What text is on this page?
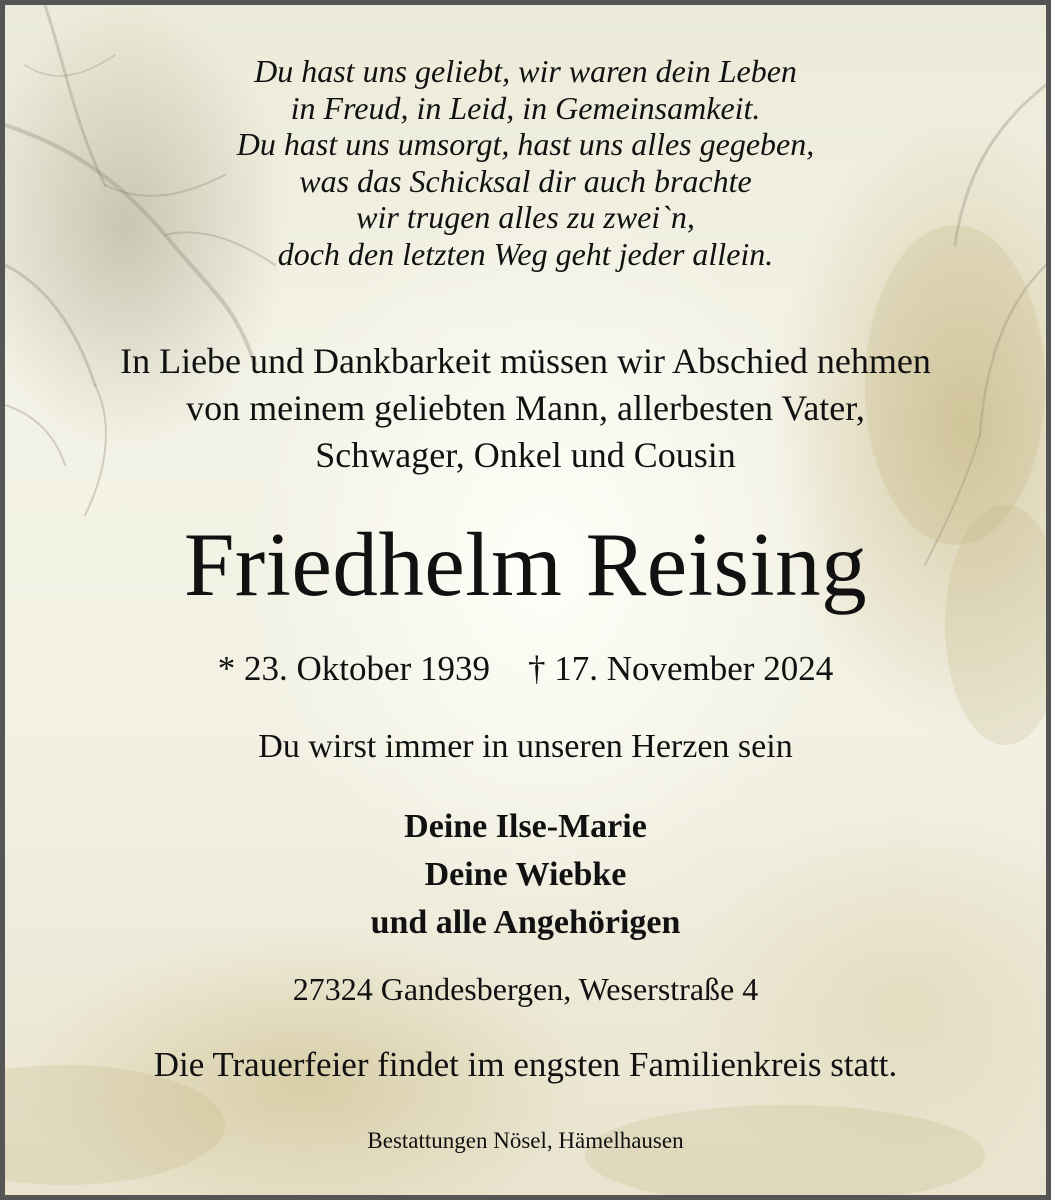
Du hast uns geliebt, wir waren dein Leben
in Freud, in Leid, in Gemeinsamkeit.
Du hast uns umsorgt, hast uns alles gegeben,
was das Schicksal dir auch brachte
wir trugen alles zu zwei`n,
doch den letzten Weg geht jeder allein.
In Liebe und Dankbarkeit müssen wir Abschied nehmen
von meinem geliebten Mann, allerbesten Vater,
Schwager, Onkel und Cousin
Friedhelm Reising
* 23. Oktober 1939 † 17. November 2024
Du wirst immer in unseren Herzen sein
Deine Ilse-Marie
Deine Wiebke
und alle Angehörigen
27324 Gandesbergen, Weserstraße 4
Die Trauerfeier findet im engsten Familienkreis statt.
Bestattungen Nösel, Hämelhausen
